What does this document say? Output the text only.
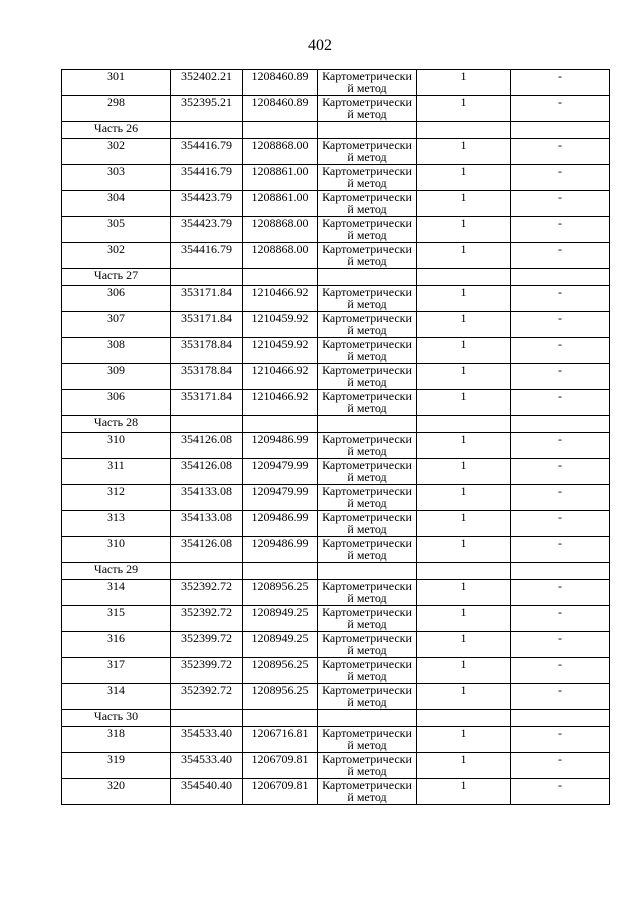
402
301	352402.21	1208460.89	Картометрически
й метод	1	-
298	352395.21	1208460.89	Картометрически
й метод	1	-
Часть 26					
302	354416.79	1208868.00	Картометрически
й метод	1	-
303	354416.79	1208861.00	Картометрически
й метод	1	-
304	354423.79	1208861.00	Картометрически
й метод	1	-
305	354423.79	1208868.00	Картометрически
й метод	1	-
302	354416.79	1208868.00	Картометрически
й метод	1	-
Часть 27					
306	353171.84	1210466.92	Картометрически
й метод	1	-
307	353171.84	1210459.92	Картометрически
й метод	1	-
308	353178.84	1210459.92	Картометрически
й метод	1	-
309	353178.84	1210466.92	Картометрически
й метод	1	-
306	353171.84	1210466.92	Картометрически
й метод	1	-
Часть 28					
310	354126.08	1209486.99	Картометрически
й метод	1	-
311	354126.08	1209479.99	Картометрически
й метод	1	-
312	354133.08	1209479.99	Картометрически
й метод	1	-
313	354133.08	1209486.99	Картометрически
й метод	1	-
310	354126.08	1209486.99	Картометрически
й метод	1	-
Часть 29					
314	352392.72	1208956.25	Картометрически
й метод	1	-
315	352392.72	1208949.25	Картометрически
й метод	1	-
316	352399.72	1208949.25	Картометрически
й метод	1	-
317	352399.72	1208956.25	Картометрически
й метод	1	-
314	352392.72	1208956.25	Картометрически
й метод	1	-
Часть 30					
318	354533.40	1206716.81	Картометрически
й метод	1	-
319	354533.40	1206709.81	Картометрически
й метод	1	-
320	354540.40	1206709.81	Картометрически
й метод	1	-
